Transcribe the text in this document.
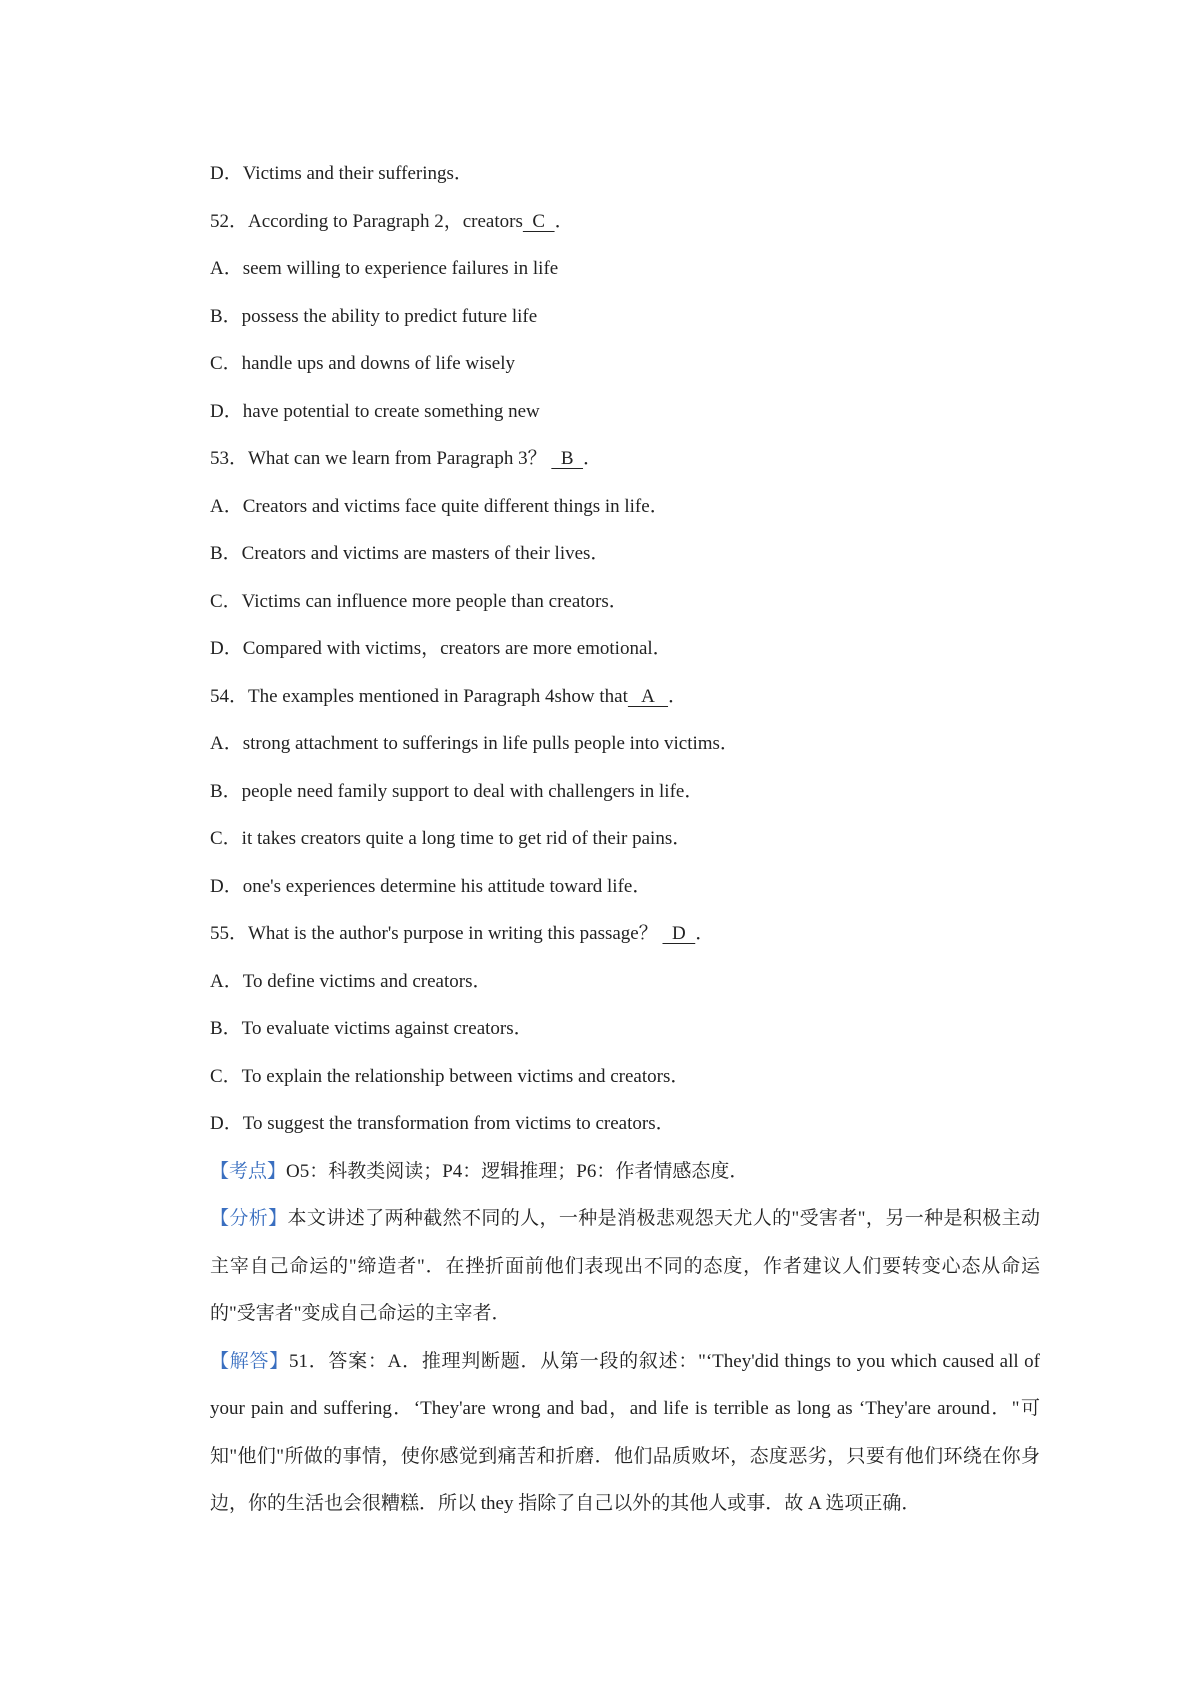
D．Victims and their sufferings．

52．According to Paragraph 2，creators  C  ．

A．seem willing to experience failures in life

B．possess the ability to predict future life

C．handle ups and downs of life wisely

D．have potential to create something new

53．What can we learn from Paragraph 3？   B  ．

A．Creators and victims face quite different things in life．

B．Creators and victims are masters of their lives．

C．Victims can influence more people than creators．

D．Compared with victims，creators are more emotional．

54．The examples mentioned in Paragraph 4show that   A   ．

A．strong attachment to sufferings in life pulls people into victims．

B．people need family support to deal with challengers in life．

C．it takes creators quite a long time to get rid of their pains．

D．one's experiences determine his attitude toward life．

55．What is the author's purpose in writing this passage？   D  ．

A．To define victims and creators．

B．To evaluate victims against creators．

C．To explain the relationship between victims and creators．

D．To suggest the transformation from victims to creators．

【考点】O5：科教类阅读；P4：逻辑推理；P6：作者情感态度．

【分析】本文讲述了两种截然不同的人，一种是消极悲观怨天尤人的"受害者"，另一种是积极主动主宰自己命运的"缔造者"．在挫折面前他们表现出不同的态度，作者建议人们要转变心态从命运的"受害者"变成自己命运的主宰者．

【解答】51．答案：A．推理判断题．从第一段的叙述："‘They'did things to you which caused all of your pain and suffering．‘They'are wrong and bad，and life is terrible as long as ‘They'are around．"可知"他们"所做的事情，使你感觉到痛苦和折磨．他们品质败坏，态度恶劣，只要有他们环绕在你身边，你的生活也会很糟糕．所以 they 指除了自己以外的其他人或事．故 A 选项正确．
